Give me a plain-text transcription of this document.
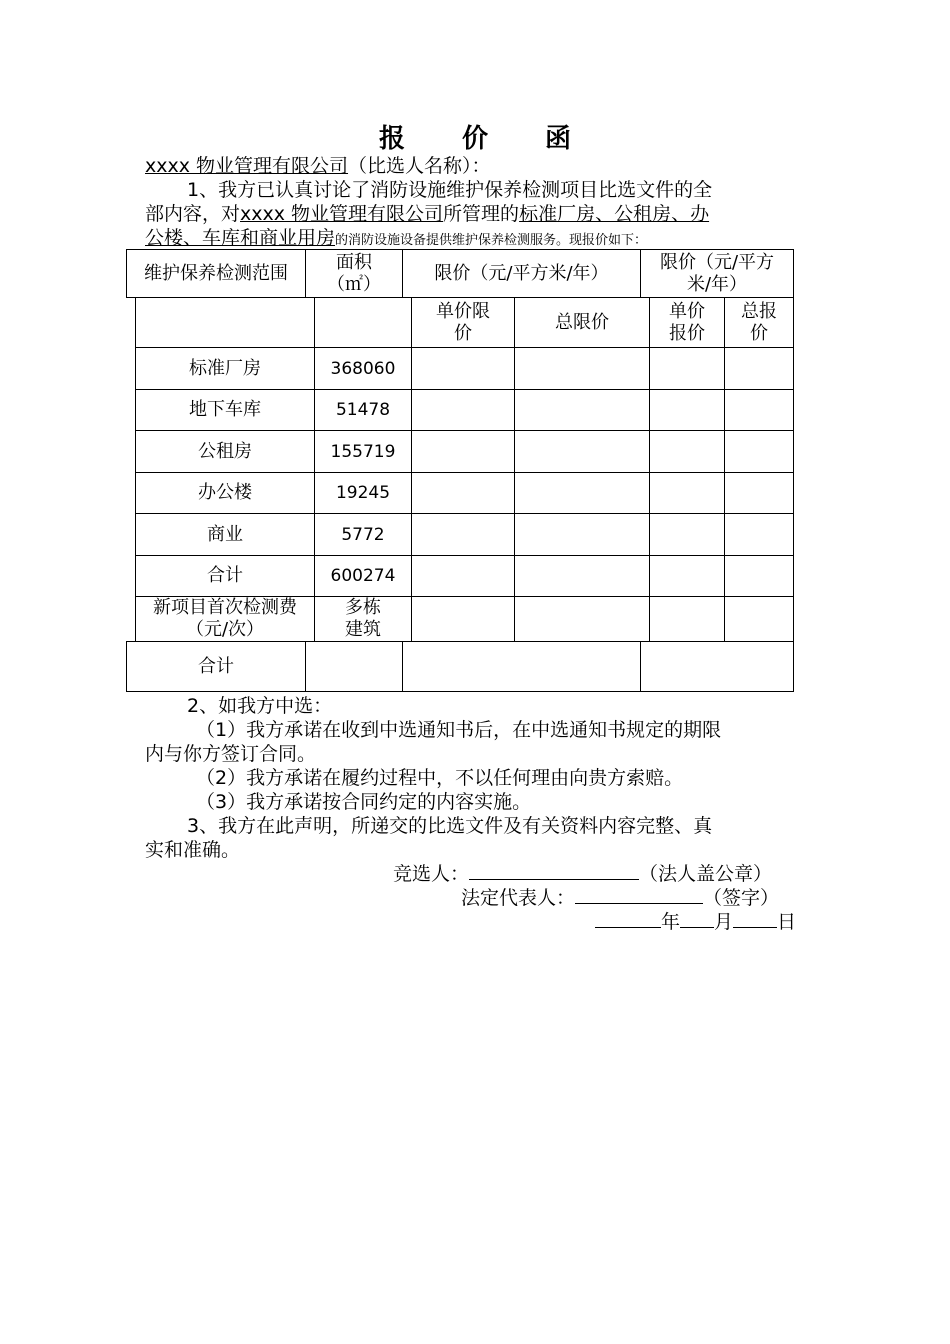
报 价 函
xxxx 物业管理有限公司（比选人名称）：
1、我方已认真讨论了消防设施维护保养检测项目比选文件的全
部内容，对xxxx 物业管理有限公司所管理的标准厂房、公租房、办
公楼、车库和商业用房的消防设施设备提供维护保养检测服务。现报价如下：
维护保养检测范围	面积（㎡）	限价（元/平方米/年）	限价（元/平方米/年）
		单价限价	总限价	单价报价	总报价
标准厂房	368060				
地下车库	51478				
公租房	155719				
办公楼	19245				
商业	5772				
合计	600274				
新项目首次检测费（元/次）	多栋建筑				
合计			
2、如我方中选：
（1）我方承诺在收到中选通知书后，在中选通知书规定的期限
内与你方签订合同。
（2）我方承诺在履约过程中，不以任何理由向贵方索赔。
（3）我方承诺按合同约定的内容实施。
3、我方在此声明，所递交的比选文件及有关资料内容完整、真
实和准确。
竞选人：	（法人盖公章）
法定代表人：	（签字）
年 月 日
